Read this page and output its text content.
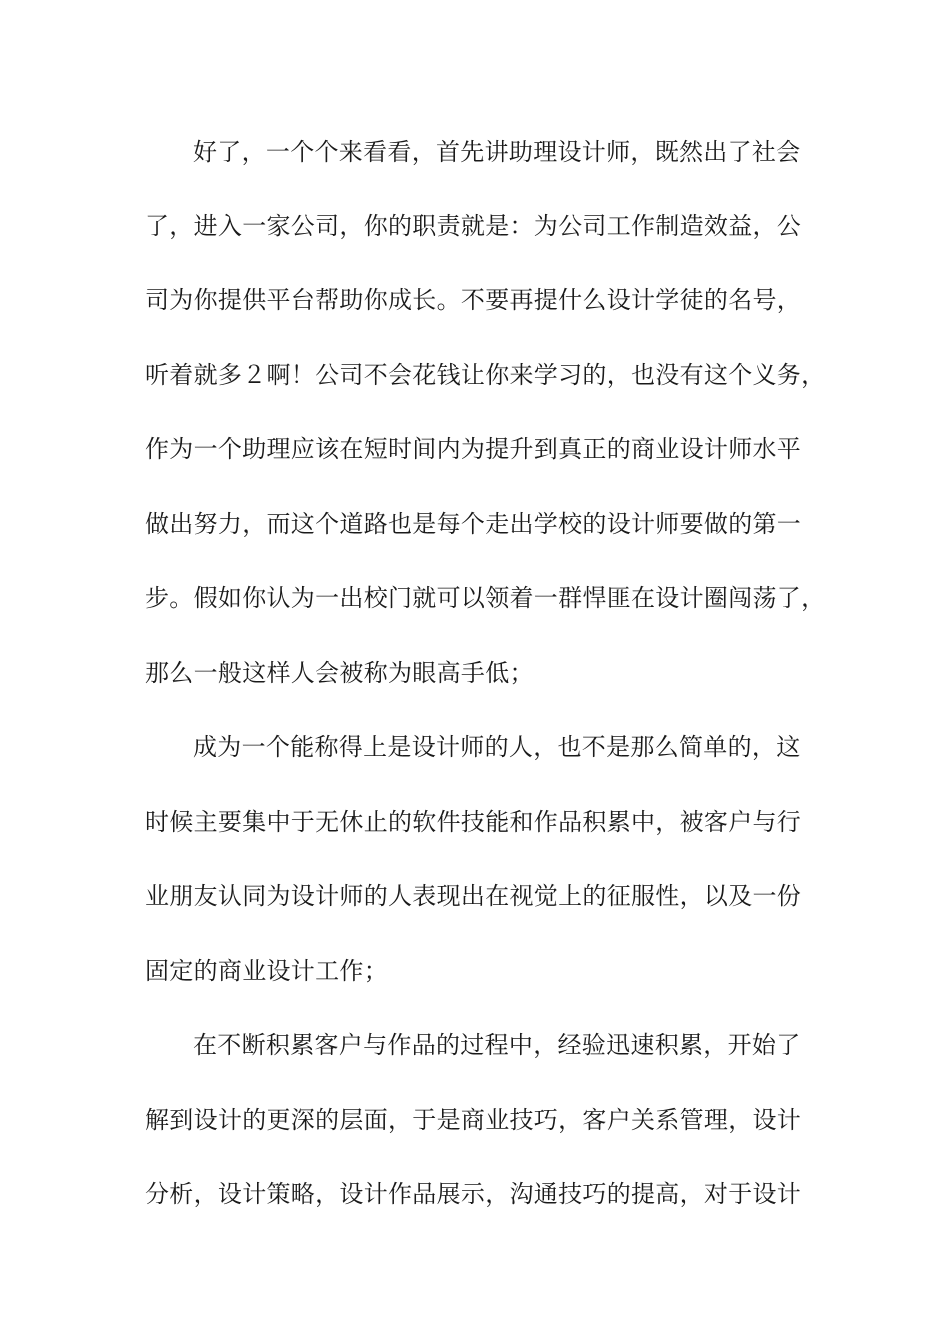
好了，一个个来看看，首先讲助理设计师，既然出了社会
了，进入一家公司，你的职责就是：为公司工作制造效益，公
司为你提供平台帮助你成长。不要再提什么设计学徒的名号，
听着就多２啊！公司不会花钱让你来学习的，也没有这个义务，
作为一个助理应该在短时间内为提升到真正的商业设计师水平
做出努力，而这个道路也是每个走出学校的设计师要做的第一
步。假如你认为一出校门就可以领着一群悍匪在设计圈闯荡了，
那么一般这样人会被称为眼高手低；
成为一个能称得上是设计师的人，也不是那么简单的，这
时候主要集中于无休止的软件技能和作品积累中，被客户与行
业朋友认同为设计师的人表现出在视觉上的征服性，以及一份
固定的商业设计工作；
在不断积累客户与作品的过程中，经验迅速积累，开始了
解到设计的更深的层面，于是商业技巧，客户关系管理，设计
分析，设计策略，设计作品展示，沟通技巧的提高，对于设计
